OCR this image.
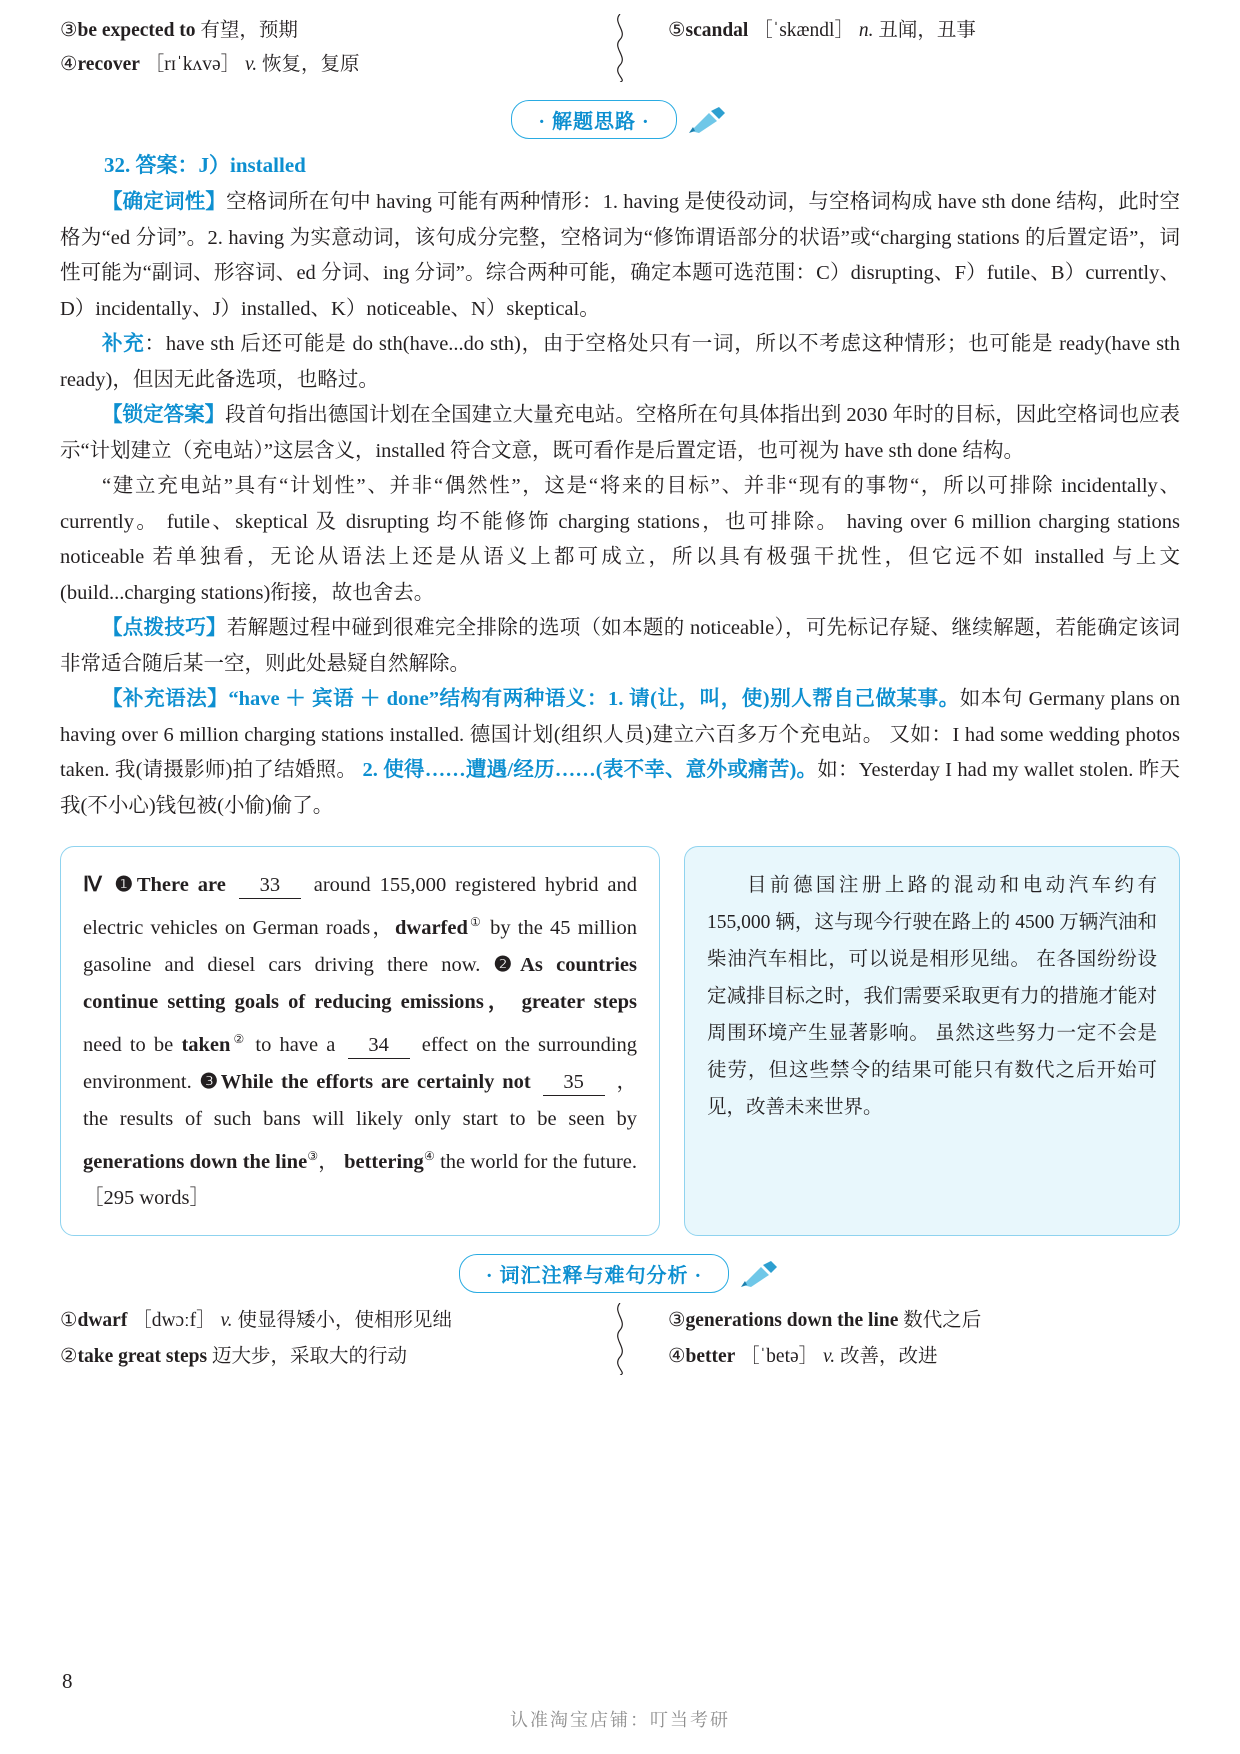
③be expected to 有望，预期
④recover ［rɪˈkʌvə］ v. 恢复，复原
⑤scandal ［ˈskændl］ n. 丑闻，丑事
· 解题思路 ·
32. 答案：J）installed

【确定词性】空格词所在句中 having 可能有两种情形：1. having 是使役动词，与空格词构成 have sth done 结构，此时空格为“ed 分词”。2. having 为实意动词，该句成分完整，空格词为“修饰谓语部分的状语”或“charging stations 的后置定语”，词性可能为“副词、形容词、ed 分词、ing 分词”。综合两种可能，确定本题可选范围：C）disrupting、F）futile、B）currently、D）incidentally、J）installed、K）noticeable、N）skeptical。

补充：have sth 后还可能是 do sth(have...do sth)，由于空格处只有一词，所以不考虑这种情形；也可能是 ready(have sth ready)，但因无此备选项，也略过。

【锁定答案】段首句指出德国计划在全国建立大量充电站。空格所在句具体指出到 2030 年时的目标，因此空格词也应表示“计划建立（充电站）”这层含义，installed 符合文意，既可看作是后置定语，也可视为 have sth done 结构。

“建立充电站”具有“计划性”、并非“偶然性”，这是“将来的目标”、并非“现有的事物“，所以可排除 incidentally、currently。 futile、skeptical 及 disrupting 均不能修饰 charging stations，也可排除。 having over 6 million charging stations noticeable 若单独看，无论从语法上还是从语义上都可成立，所以具有极强干扰性，但它远不如 installed 与上文(build...charging stations)衔接，故也舍去。

【点拨技巧】若解题过程中碰到很难完全排除的选项（如本题的 noticeable），可先标记存疑、继续解题，若能确定该词非常适合随后某一空，则此处悬疑自然解除。

【补充语法】“have ＋ 宾语 ＋ done”结构有两种语义：1. 请(让，叫，使)别人帮自己做某事。如本句 Germany plans on having over 6 million charging stations installed. 德国计划(组织人员)建立六百多万个充电站。 又如：I had some wedding photos taken. 我(请摄影师)拍了结婚照。 2. 使得……遭遇/经历……(表不幸、意外或痛苦)。如：Yesterday I had my wallet stolen. 昨天我(不小心)钱包被(小偷)偷了。

Ⅳ ❶There are 33 around 155,000 registered hybrid and electric vehicles on German roads，dwarfed① by the 45 million gasoline and diesel cars driving there now. ❷As countries continue setting goals of reducing emissions， greater steps need to be taken② to have a 34 effect on the surrounding environment. ❸While the efforts are certainly not 35 ，the results of such bans will likely only start to be seen by generations down the line③， bettering④ the world for the future. ［295 words］
目前德国注册上路的混动和电动汽车约有 155,000 辆，这与现今行驶在路上的 4500 万辆汽油和柴油汽车相比，可以说是相形见绌。 在各国纷纷设定减排目标之时，我们需要采取更有力的措施才能对周围环境产生显著影响。 虽然这些努力一定不会是徒劳，但这些禁令的结果可能只有数代之后开始可见，改善未来世界。
· 词汇注释与难句分析 ·
①dwarf ［dwɔːf］ v. 使显得矮小，使相形见绌
②take great steps 迈大步，采取大的行动
③generations down the line 数代之后
④better ［ˈbetə］ v. 改善，改进
8
认准淘宝店铺：叮当考研
